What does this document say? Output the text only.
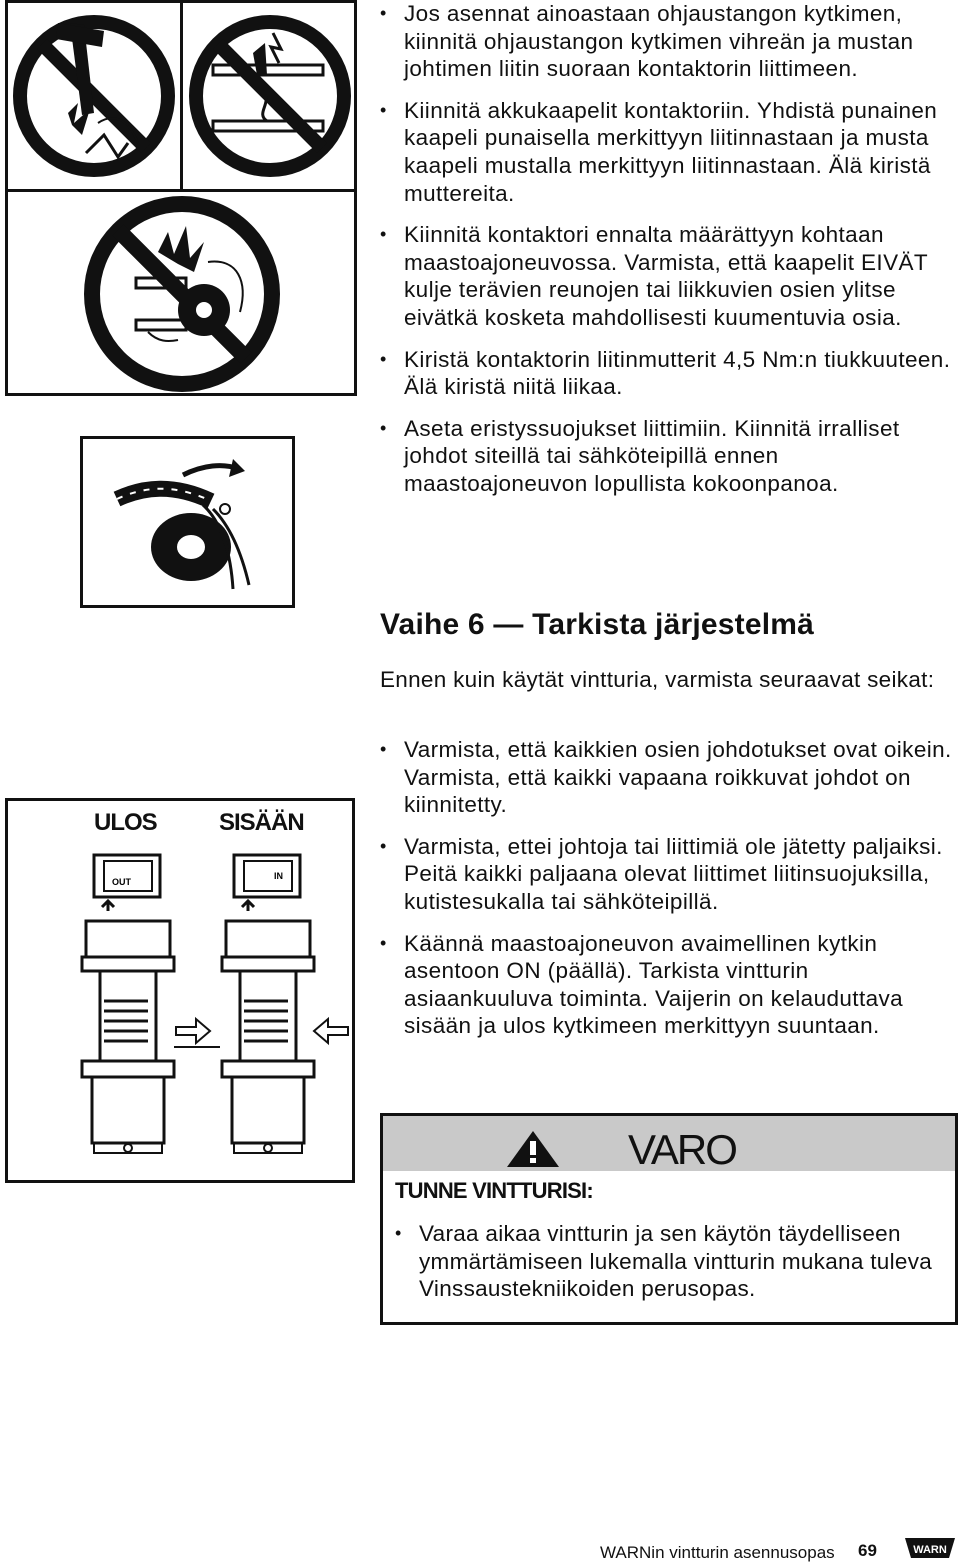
• Jos asennat ainoastaan ohjaustangon kytkimen, kiinnitä ohjaustangon kytkimen vihreän ja mustan johtimen liitin suoraan kontaktorin liittimeen.
• Kiinnitä akkukaapelit kontaktoriin. Yhdistä punainen kaapeli punaisella merkittyyn liitinnastaan ja musta kaapeli mustalla merkittyyn liitinnastaan. Älä kiristä muttereita.
• Kiinnitä kontaktori ennalta määrättyyn kohtaan maastoajoneuvossa. Varmista, että kaapelit EIVÄT kulje terävien reunojen tai liikkuvien osien ylitse eivätkä kosketa mahdollisesti kuumentuvia osia.
• Kiristä kontaktorin liitinmutterit 4,5 Nm:n tiukkuuteen. Älä kiristä niitä liikaa.
• Aseta eristyssuojukset liittimiin. Kiinnitä irralliset johdot siteillä tai sähköteipillä ennen maastoajoneuvon lopullista kokoonpanoa.
Vaihe 6 — Tarkista järjestelmä

Ennen kuin käytät vintturia, varmista seuraavat seikat:

• Varmista, että kaikkien osien johdotukset ovat oikein. Varmista, että kaikki vapaana roikkuvat johdot on kiinnitetty.
• Varmista, ettei johtoja tai liittimiä ole jätetty paljaiksi. Peitä kaikki paljaana olevat liittimet liitinsuojuksilla, kutistesukalla tai sähköteipillä.
• Käännä maastoajoneuvon avaimellinen kytkin asentoon ON (päällä). Tarkista vintturin asiaankuuluva toiminta. Vaijerin on kelauduttava sisään ja ulos kytkimeen merkittyyn suuntaan.
ULOS	SISÄÄN
OUT
IN
VARO
TUNNE VINTTURISI:
• Varaa aikaa vintturin ja sen käytön täydelliseen ymmärtämiseen lukemalla vintturin mukana tuleva Vinssaustekniikoiden perusopas.
WARNin vintturin asennusopas 69	WARN
